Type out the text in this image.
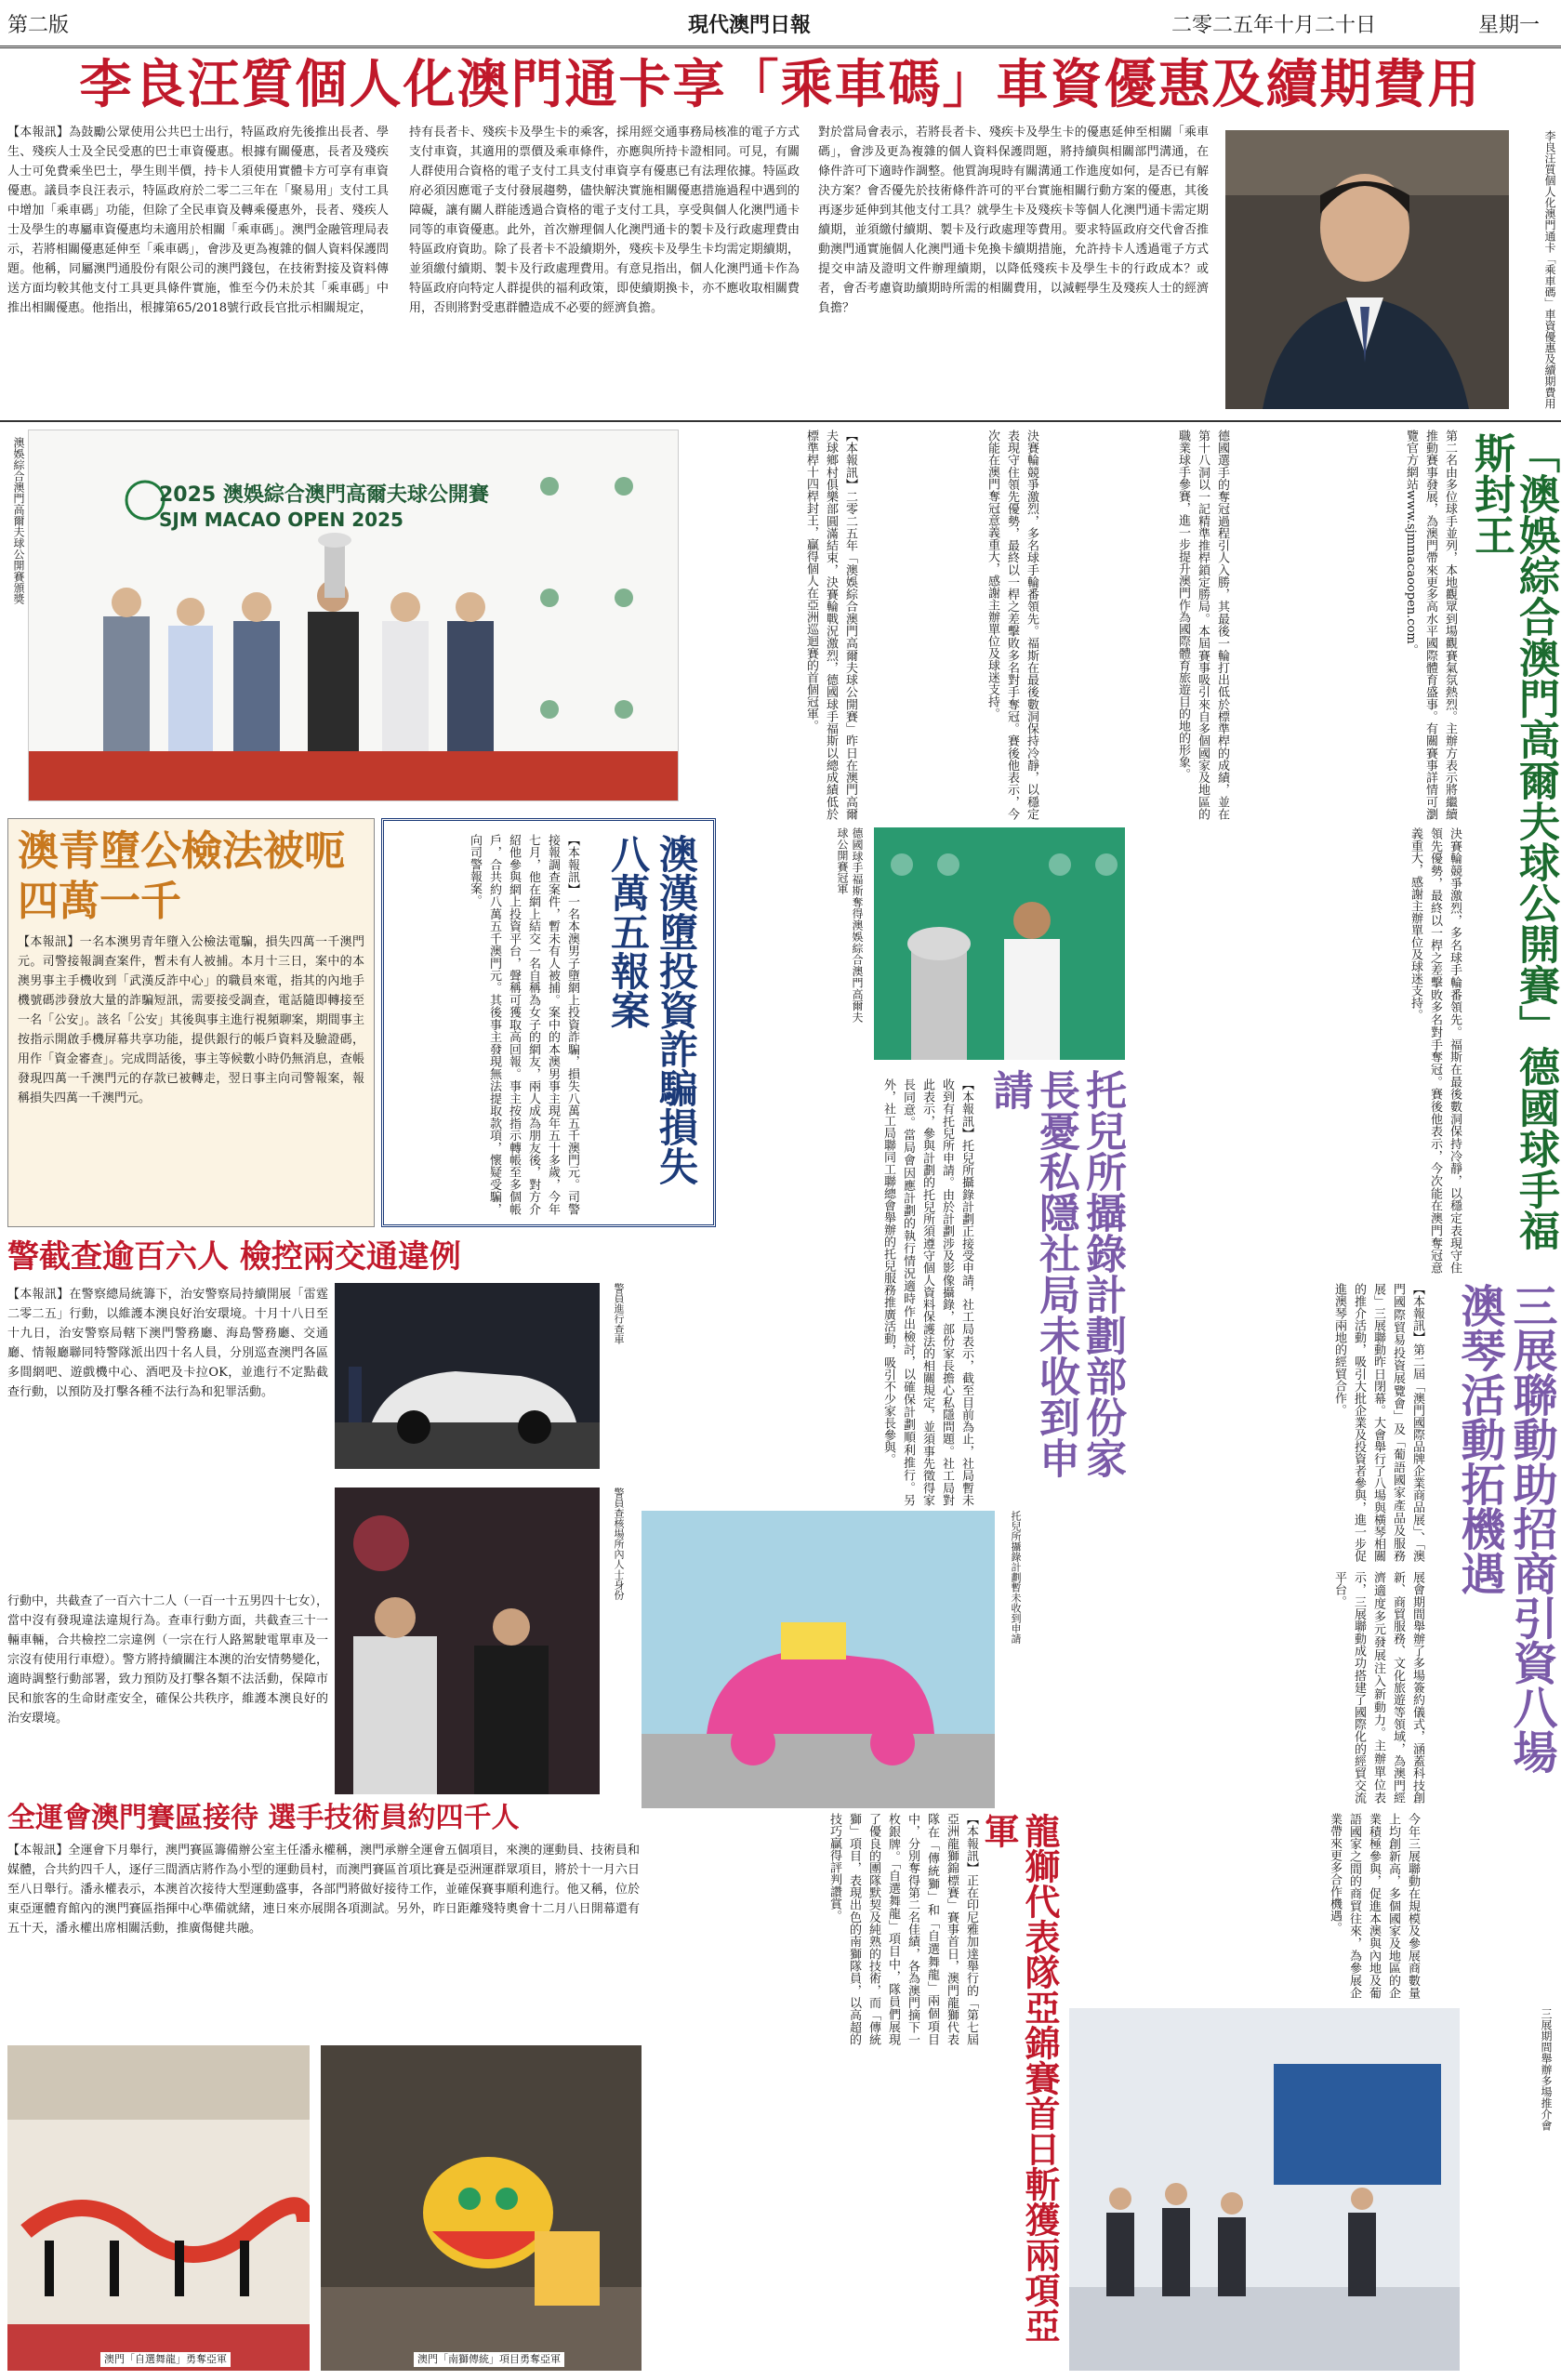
第二版	現代澳門日報	二零二五年十月二十日	星期一
李良汪質個人化澳門通卡享「乘車碼」車資優惠及續期費用

【本報訊】為鼓勵公眾使用公共巴士出行，特區政府先後推出長者、學生、殘疾人士及全民受惠的巴士車資優惠。根據有關優惠，長者及殘疾人士可免費乘坐巴士，學生則半價，持卡人須使用實體卡方可享有車資優惠。議員李良汪表示，特區政府於二零二三年在「聚易用」支付工具中增加「乘車碼」功能，但除了全民車資及轉乘優惠外，長者、殘疾人士及學生的專屬車資優惠均未適用於相關「乘車碼」。澳門金融管理局表示，若將相關優惠延伸至「乘車碼」，會涉及更為複雜的個人資料保護問題。他稱，同屬澳門通股份有限公司的澳門錢包，在技術對接及資料傳送方面均較其他支付工具更具條件實施，惟至今仍未於其「乘車碼」中推出相關優惠。他指出，根據第65/2018號行政長官批示相關規定，

持有長者卡、殘疾卡及學生卡的乘客，採用經交通事務局核准的電子方式支付車資，其適用的票價及乘車條件，亦應與所持卡證相同。可見，有關人群使用合資格的電子支付工具支付車資享有優惠已有法理依據。特區政府必須因應電子支付發展趨勢，儘快解決實施相關優惠措施過程中遇到的障礙，讓有關人群能透過合資格的電子支付工具，享受與個人化澳門通卡同等的車資優惠。此外，首次辦理個人化澳門通卡的製卡及行政處理費由特區政府資助。除了長者卡不設續期外，殘疾卡及學生卡均需定期續期，並須繳付續期、製卡及行政處理費用。有意見指出，個人化澳門通卡作為特區政府向特定人群提供的福利政策，即使續期換卡，亦不應收取相關費用，否則將對受惠群體造成不必要的經濟負擔。

對於當局會表示，若將長者卡、殘疾卡及學生卡的優惠延伸至相關「乘車碼」，會涉及更為複雜的個人資料保護問題，將持續與相關部門溝通，在條件許可下適時作調整。他質詢現時有關溝通工作進度如何，是否已有解決方案？會否優先於技術條件許可的平台實施相關行動方案的優惠，其後再逐步延伸到其他支付工具？就學生卡及殘疾卡等個人化澳門通卡需定期續期，並須繳付續期、製卡及行政處理等費用。要求特區政府交代會否推動澳門通實施個人化澳門通卡免換卡續期措施，允許持卡人透過電子方式提交申請及證明文件辦理續期，以降低殘疾卡及學生卡的行政成本？或者，會否考慮資助續期時所需的相關費用，以減輕學生及殘疾人士的經濟負擔？	李良汪質個人化澳門通卡「乘車碼」車資優惠及續期費用
澳娛綜合澳門高爾夫球公開賽頒獎	2025 澳娛綜合澳門高爾夫球公開賽
SJM MACAO OPEN 2025	【本報訊】二零二五年「澳娛綜合澳門高爾夫球公開賽」昨日在澳門高爾夫球鄉村俱樂部圓滿結束，決賽輪戰況激烈，德國球手福斯以總成績低於標準桿十四桿封王，贏得個人在亞洲巡迴賽的首個冠軍。	決賽輪競爭激烈，多名球手輪番領先。福斯在最後數洞保持冷靜，以穩定表現守住領先優勢，最終以一桿之差擊敗多名對手奪冠。賽後他表示，今次能在澳門奪冠意義重大，感謝主辦單位及球迷支持。	德國選手的奪冠過程引人入勝，其最後一輪打出低於標準桿的成績，並在第十八洞以一記精準推桿鎖定勝局。本屆賽事吸引來自多個國家及地區的職業球手參賽，進一步提升澳門作為國際體育旅遊目的地的形象。	第二名由多位球手並列，本地觀眾到場觀賽氣氛熱烈。主辦方表示將繼續推動賽事發展，為澳門帶來更多高水平國際體育盛事。有關賽事詳情可瀏覽官方網站www.sjmmacaoopen.com。	「澳娛綜合澳門高爾夫球公開賽」德國球手福斯封王
澳青墮公檢法被呃四萬一千

【本報訊】一名本澳男青年墮入公檢法電騙，損失四萬一千澳門元。司警接報調查案件，暫未有人被捕。本月十三日，案中的本澳男事主手機收到「武漢反詐中心」的職員來電，指其的內地手機號碼涉發放大量的詐騙短訊，需要接受調查，電話隨即轉接至一名「公安」。該名「公安」其後與事主進行視頻聊案，期間事主按指示開啟手機屏幕共享功能，提供銀行的帳戶資料及驗證碼，用作「資金審查」。完成問話後，事主等候數小時仍無消息，查帳發現四萬一千澳門元的存款已被轉走，翌日事主向司警報案，報稱損失四萬一千澳門元。	澳漢墮投資詐騙損失八萬五報案
【本報訊】一名本澳男子墮網上投資詐騙，損失八萬五千澳門元。司警接報調查案件，暫未有人被捕。案中的本澳男事主現年五十多歲，今年七月，他在網上結交一名自稱為女子的網友，兩人成為朋友後，對方介紹他參與網上投資平台，聲稱可獲取高回報。事主按指示轉帳至多個帳戶，合共約八萬五千澳門元。其後事主發現無法提取款項，懷疑受騙，向司警報案。	德國球手福斯奪得澳娛綜合澳門高爾夫球公開賽冠軍
托兒所攝錄計劃部份家長憂私隱社局未收到申請
【本報訊】托兒所攝錄計劃正接受申請，社工局表示，截至目前為止，社局暫未收到有托兒所申請。由於計劃涉及影像攝錄，部份家長擔心私隱問題。社工局對此表示，參與計劃的托兒所須遵守個人資料保護法的相關規定，並須事先徵得家長同意。當局會因應計劃的執行情況適時作出檢討，以確保計劃順利推行。另外，社工局聯同工聯總會舉辦的托兒服務推廣活動，吸引不少家長參與。	決賽輪競爭激烈，多名球手輪番領先。福斯在最後數洞保持冷靜，以穩定表現守住領先優勢，最終以一桿之差擊敗多名對手奪冠。賽後他表示，今次能在澳門奪冠意義重大，感謝主辦單位及球迷支持。
警截查逾百六人 檢控兩交通違例

【本報訊】在警察總局統籌下，治安警察局持續開展「雷霆二零二五」行動，以維護本澳良好治安環境。十月十八日至十九日，治安警察局轄下澳門警務廳、海島警務廳、交通廳、情報廳聯同特警隊派出四十名人員，分別巡查澳門各區多間網吧、遊戲機中心、酒吧及卡拉OK，並進行不定點截查行動，以預防及打擊各種不法行為和犯罪活動。

行動中，共截查了一百六十二人（一百一十五男四十七女），當中沒有發現違法違規行為。查車行動方面，共截查三十一輛車輛，合共檢控二宗違例（一宗在行人路駕駛電單車及一宗沒有使用行車燈）。警方將持續關注本澳的治安情勢變化，適時調整行動部署，致力預防及打擊各類不法活動，保障市民和旅客的生命財產安全，確保公共秩序，維護本澳良好的治安環境。

警員進行查車
警員查核場所內人士身份	托兒所攝錄計劃暫未收到申請	三展聯動助招商引資八場澳琴活動拓機遇
【本報訊】第二屆「澳門國際品牌企業商品展」、「澳門國際貿易投資展覽會」及「葡語國家產品及服務展」三展聯動昨日閉幕。大會舉行了八場與橫琴相關的推介活動，吸引大批企業及投資者參與，進一步促進澳琴兩地的經貿合作。
展會期間舉辦了多場簽約儀式，涵蓋科技創新、商貿服務、文化旅遊等領域，為澳門經濟適度多元發展注入新動力。主辦單位表示，三展聯動成功搭建了國際化的經貿交流平台。
全運會澳門賽區接待 選手技術員約四千人

【本報訊】全運會下月舉行，澳門賽區籌備辦公室主任潘永權稱，澳門承辦全運會五個項目，來澳的運動員、技術員和媒體，合共約四千人，逐仔三間酒店將作為小型的運動員村，而澳門賽區首項比賽是亞洲運群眾項目，將於十一月六日至八日舉行。潘永權表示，本澳首次接待大型運動盛事，各部門將做好接待工作，並確保賽事順利進行。他又稱，位於東亞運體育館內的澳門賽區指揮中心準備就緒，連日來亦展開各項測試。另外，昨日距離殘特奧會十二月八日開幕還有五十天，潘永權出席相關活動，推廣傷健共融。	龍獅代表隊亞錦賽首日斬獲兩項亞軍
【本報訊】正在印尼雅加達舉行的「第七屆亞洲龍獅錦標賽」賽事首日，澳門龍獅代表隊在「傳統獅」和「自選舞龍」兩個項目中，分別奪得第二名佳績，各為澳門摘下一枚銀牌。「自選舞龍」項目中，隊員們展現了優良的團隊默契及純熟的技術，而「傳統獅」項目，表現出色的南獅隊員，以高超的技巧贏得評判讚賞。	今年三展聯動在規模及參展商數量上均創新高，多個國家及地區的企業積極參與，促進本澳與內地及葡語國家之間的商貿往來，為參展企業帶來更多合作機遇。
澳門「自選舞龍」勇奪亞軍	澳門「南獅傳統」項目勇奪亞軍
三展期間舉辦多場推介會
